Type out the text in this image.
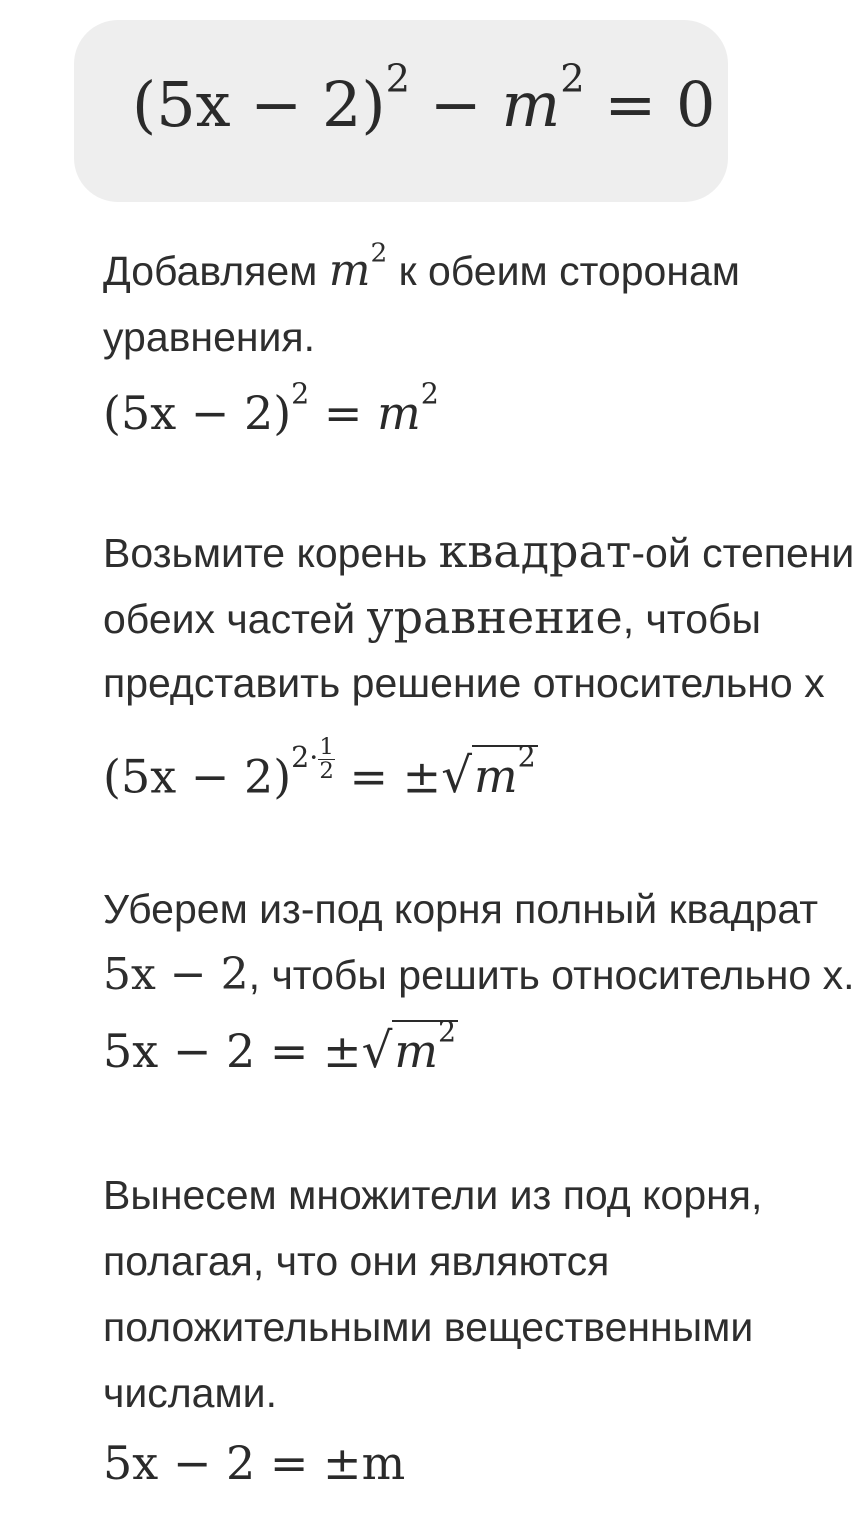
$(5x - 2)^2 - m^2 = 0$
Добавляем $m^2$ к обеим сторонам
уравнения.
$(5x - 2)^2 = m^2$
Возьмите корень квадрат-ой степени
обеих частей уравнение, чтобы
представить решение относительно x
$(5x - 2)^{2\cdot \frac{1}{2}} = \pm√m^2$
Уберем из-под корня полный квадрат
5x − 2, чтобы решить относительно x.
$5x - 2 = \pm√m^2$
Вынесем множители из под корня,
полагая, что они являются
положительными вещественными
числами.
5x − 2 = ±m
